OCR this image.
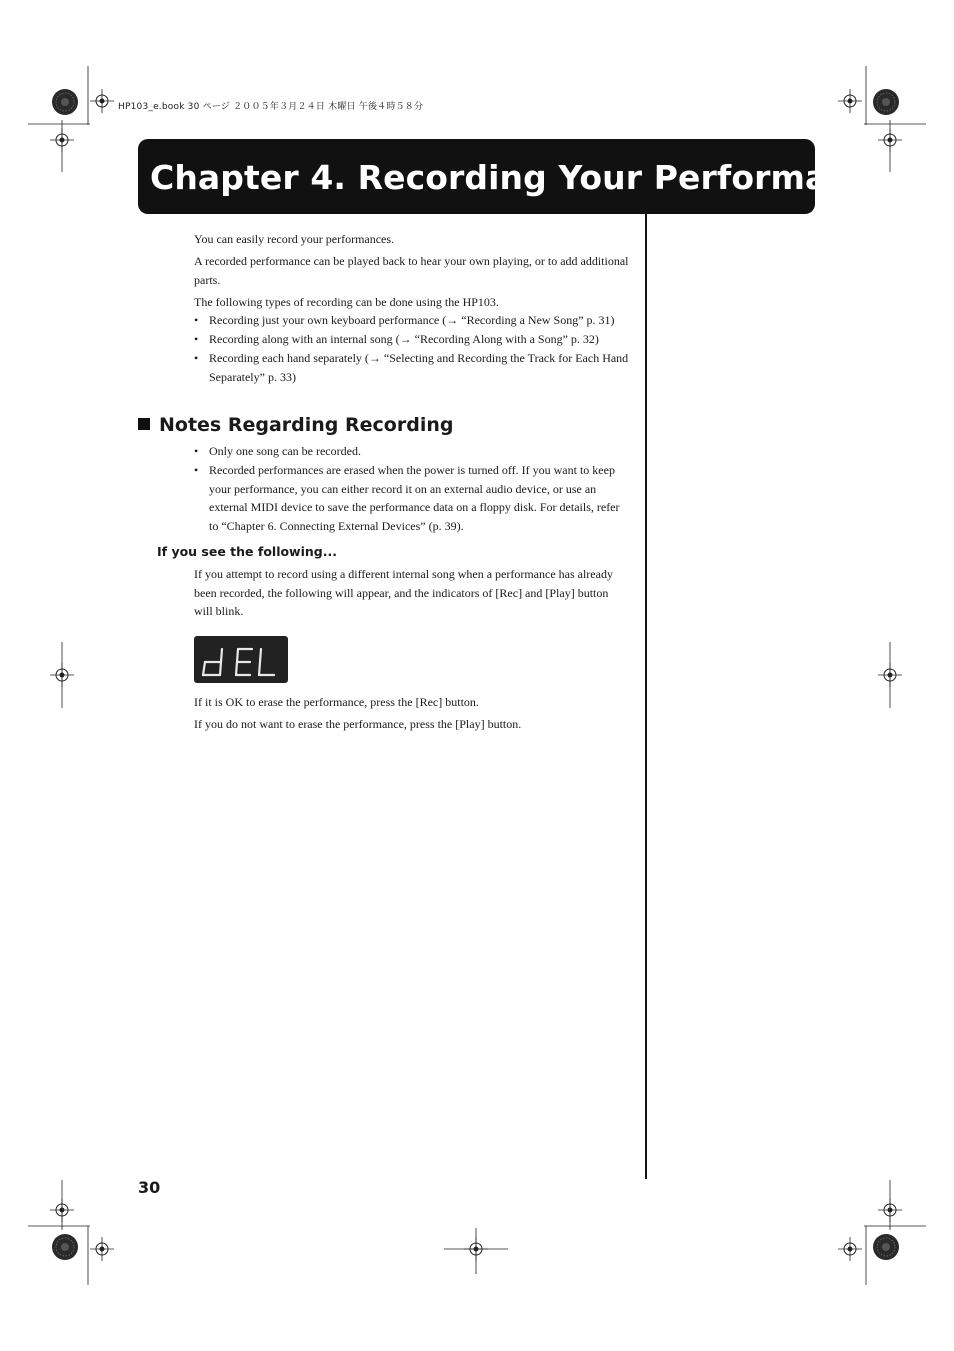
HP103_e.book 30 ページ ２００５年３月２４日 木曜日 午後４時５８分
Chapter 4. Recording Your Performance
You can easily record your performances.
A recorded performance can be played back to hear your own playing, or to add additional parts.
The following types of recording can be done using the HP103.
• Recording just your own keyboard performance (→ “Recording a New Song” p. 31)
• Recording along with an internal song (→ “Recording Along with a Song” p. 32)
• Recording each hand separately (→ “Selecting and Recording the Track for Each Hand Separately” p. 33)
Notes Regarding Recording
• Only one song can be recorded.
• Recorded performances are erased when the power is turned off. If you want to keep your performance, you can either record it on an external audio device, or use an external MIDI device to save the performance data on a floppy disk. For details, refer to “Chapter 6. Connecting External Devices” (p. 39).
If you see the following...
If you attempt to record using a different internal song when a performance has already been recorded, the following will appear, and the indicators of [Rec] and [Play] button will blink.
If it is OK to erase the performance, press the [Rec] button.
If you do not want to erase the performance, press the [Play] button.
30
